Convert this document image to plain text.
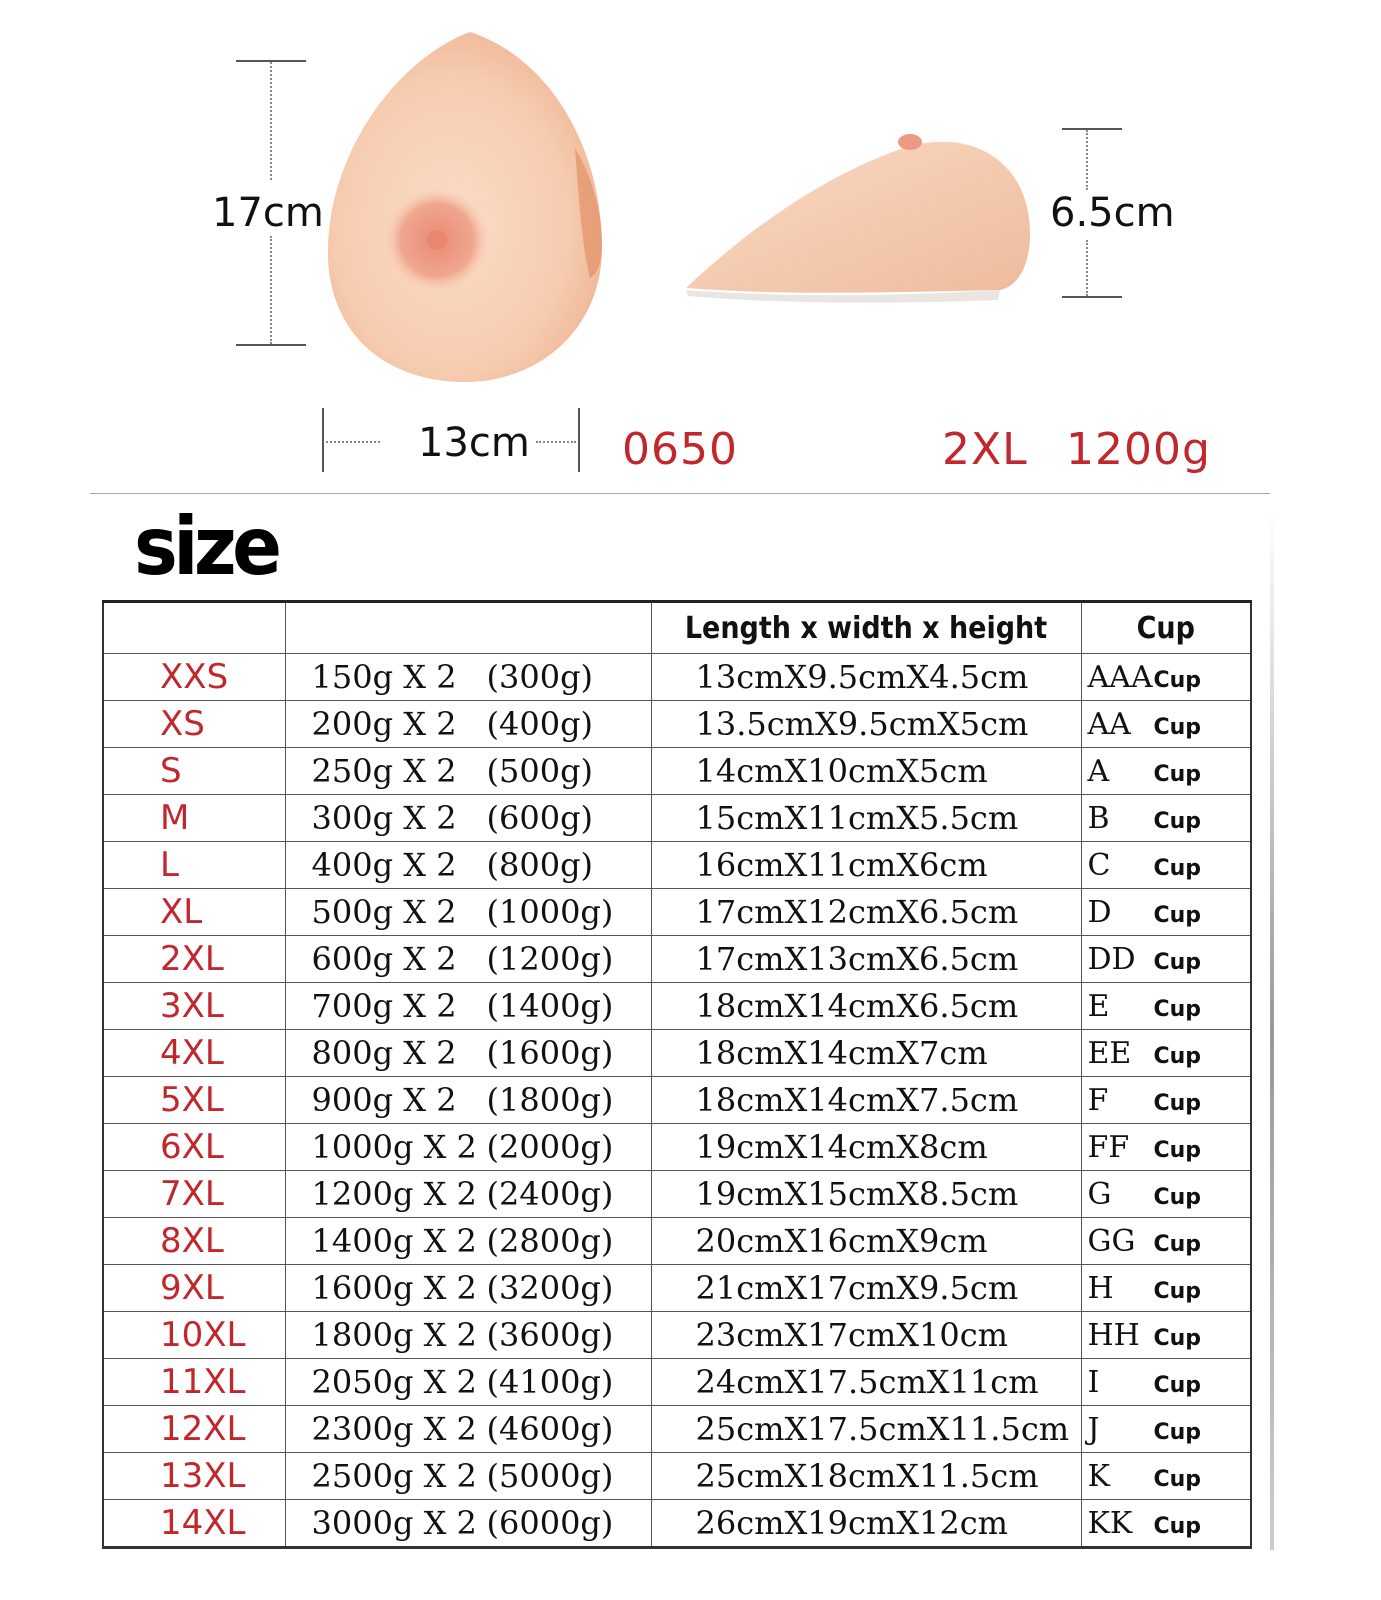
17cm	6.5cm
13cm 0650	2XL 1200g
size
		Length x width x height	Cup
XXS	150g X 2 (300g)	13cmX9.5cmX4.5cm	AAACup
XS	200g X 2 (400g)	13.5cmX9.5cmX5cm	AA Cup
S	250g X 2 (500g)	14cmX10cmX5cm	A Cup
M	300g X 2 (600g)	15cmX11cmX5.5cm	B Cup
L	400g X 2 (800g)	16cmX11cmX6cm	C Cup
XL	500g X 2 (1000g)	17cmX12cmX6.5cm	D Cup
2XL	600g X 2 (1200g)	17cmX13cmX6.5cm	DD Cup
3XL	700g X 2 (1400g)	18cmX14cmX6.5cm	E Cup
4XL	800g X 2 (1600g)	18cmX14cmX7cm	EE Cup
5XL	900g X 2 (1800g)	18cmX14cmX7.5cm	F Cup
6XL	1000g X 2 (2000g)	19cmX14cmX8cm	FF Cup
7XL	1200g X 2 (2400g)	19cmX15cmX8.5cm	G Cup
8XL	1400g X 2 (2800g)	20cmX16cmX9cm	GG Cup
9XL	1600g X 2 (3200g)	21cmX17cmX9.5cm	H Cup
10XL	1800g X 2 (3600g)	23cmX17cmX10cm	HH Cup
11XL	2050g X 2 (4100g)	24cmX17.5cmX11cm	I Cup
12XL	2300g X 2 (4600g)	25cmX17.5cmX11.5cm	J Cup
13XL	2500g X 2 (5000g)	25cmX18cmX11.5cm	K Cup
14XL	3000g X 2 (6000g)	26cmX19cmX12cm	KK Cup
